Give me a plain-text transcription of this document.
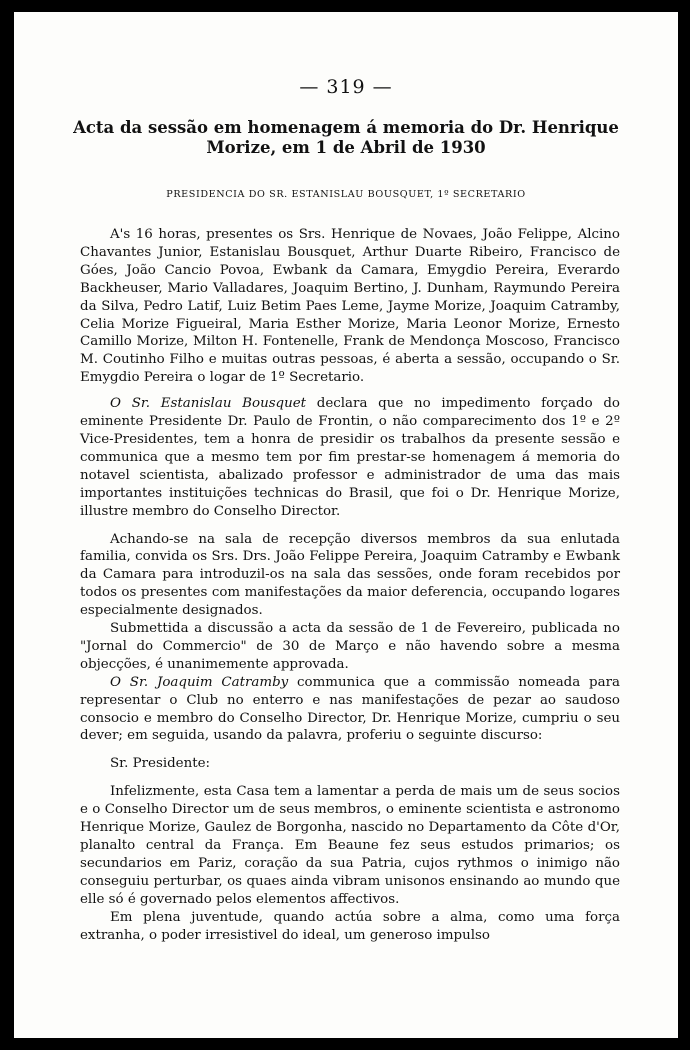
— 319 —
Acta da sessão em homenagem á memoria do Dr. Henrique
Morize, em 1 de Abril de 1930
PRESIDENCIA DO SR. ESTANISLAU BOUSQUET, 1º SECRETARIO

A's 16 horas, presentes os Srs. Henrique de Novaes, João Felippe, Alcino Chavantes Junior, Estanislau Bousquet, Arthur Duarte Ribeiro, Francisco de Góes, João Cancio Povoa, Ewbank da Camara, Emygdio Pereira, Everardo Backheuser, Mario Valladares, Joaquim Bertino, J. Dunham, Raymundo Pereira da Silva, Pedro Latif, Luiz Betim Paes Leme, Jayme Morize, Joaquim Catramby, Celia Morize Figueiral, Maria Esther Morize, Maria Leonor Morize, Ernesto Camillo Morize, Milton H. Fontenelle, Frank de Mendonça Moscoso, Francisco M. Coutinho Filho e muitas outras pessoas, é aberta a sessão, occupando o Sr. Emygdio Pereira o logar de 1º Secretario.

O Sr. Estanislau Bousquet declara que no impedimento forçado do eminente Presidente Dr. Paulo de Frontin, o não comparecimento dos 1º e 2º Vice-Presidentes, tem a honra de presidir os trabalhos da presente sessão e communica que a mesmo tem por fim prestar-se homenagem á memoria do notavel scientista, abalizado professor e administrador de uma das mais importantes instituições technicas do Brasil, que foi o Dr. Henrique Morize, illustre membro do Conselho Director.

Achando-se na sala de recepção diversos membros da sua enlutada familia, convida os Srs. Drs. João Felippe Pereira, Joaquim Catramby e Ewbank da Camara para introduzil-os na sala das sessões, onde foram recebidos por todos os presentes com manifestações da maior deferencia, occupando logares especialmente designados.

Submettida a discussão a acta da sessão de 1 de Fevereiro, publicada no "Jornal do Commercio" de 30 de Março e não havendo sobre a mesma objecções, é unanimemente approvada.

O Sr. Joaquim Catramby communica que a commissão nomeada para representar o Club no enterro e nas manifestações de pezar ao saudoso consocio e membro do Conselho Director, Dr. Henrique Morize, cumpriu o seu dever; em seguida, usando da palavra, proferiu o seguinte discurso:

Sr. Presidente:

Infelizmente, esta Casa tem a lamentar a perda de mais um de seus socios e o Conselho Director um de seus membros, o eminente scientista e astronomo Henrique Morize, Gaulez de Borgonha, nascido no Departamento da Côte d'Or, planalto central da França. Em Beaune fez seus estudos primarios; os secundarios em Pariz, coração da sua Patria, cujos rythmos o inimigo não conseguiu perturbar, os quaes ainda vibram unisonos ensinando ao mundo que elle só é governado pelos elementos affectivos.

Em plena juventude, quando actúa sobre a alma, como uma força extranha, o poder irresistivel do ideal, um generoso impulso
